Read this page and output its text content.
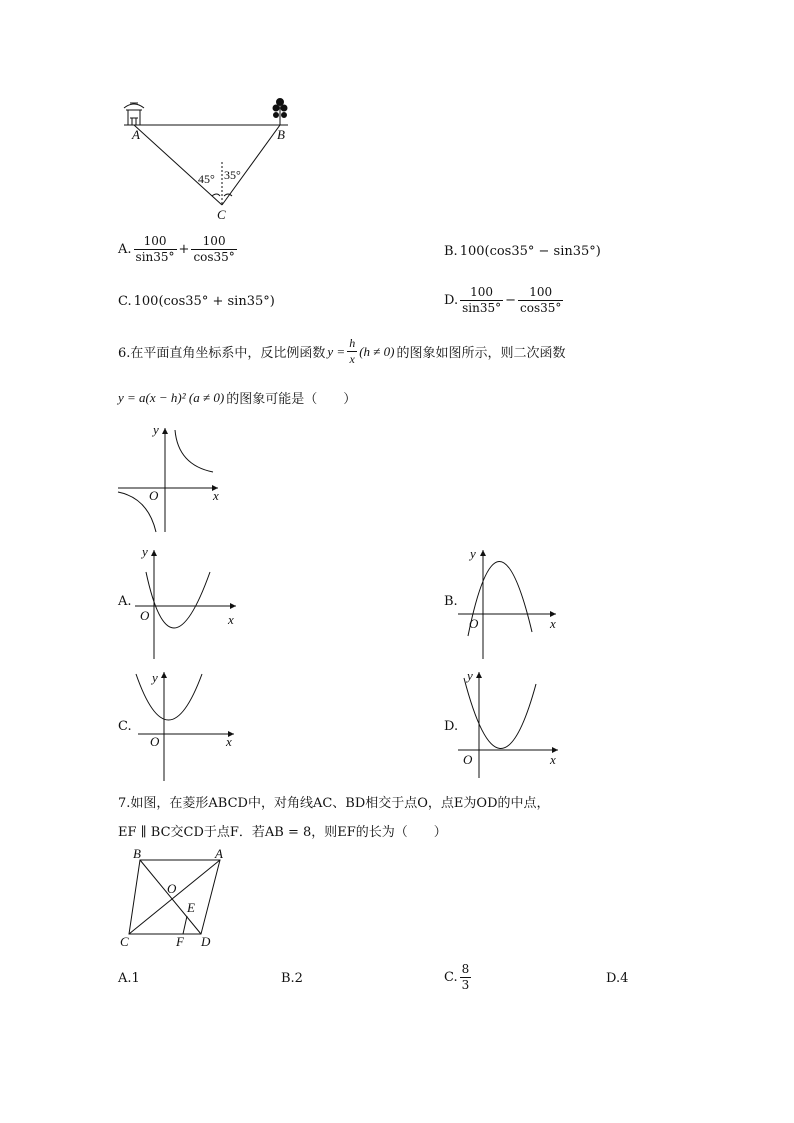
A	B
C
45° 35°
A. $\frac{100}{\sin 35^\circ} + \frac{100}{\cos 35^\circ}$	B. 100(cos35° − sin35°)
C. 100(cos35° + sin35°)	D. $\frac{100}{\sin 35^\circ} - \frac{100}{\cos 35^\circ}$
6.在平面直角坐标系中，反比例函数 $y = \frac{h}{x} (h \ne 0)$ 的图象如图所示，则二次函数
y = a(x − h)² (a ≠ 0) 的图象可能是（　　）
y
x
O
A.
y
x
O
B.
y
x
O
C.
y
x
O
D.
y
x
O
7.如图，在菱形ABCD中，对角线AC、BD相交于点O，点E为OD的中点，
EF ∥ BC交CD于点F．若AB = 8，则EF的长为（　　）
B	A
O
E
C	F D
A.1	B.2	C. $\frac{8}{3}$	D.4
